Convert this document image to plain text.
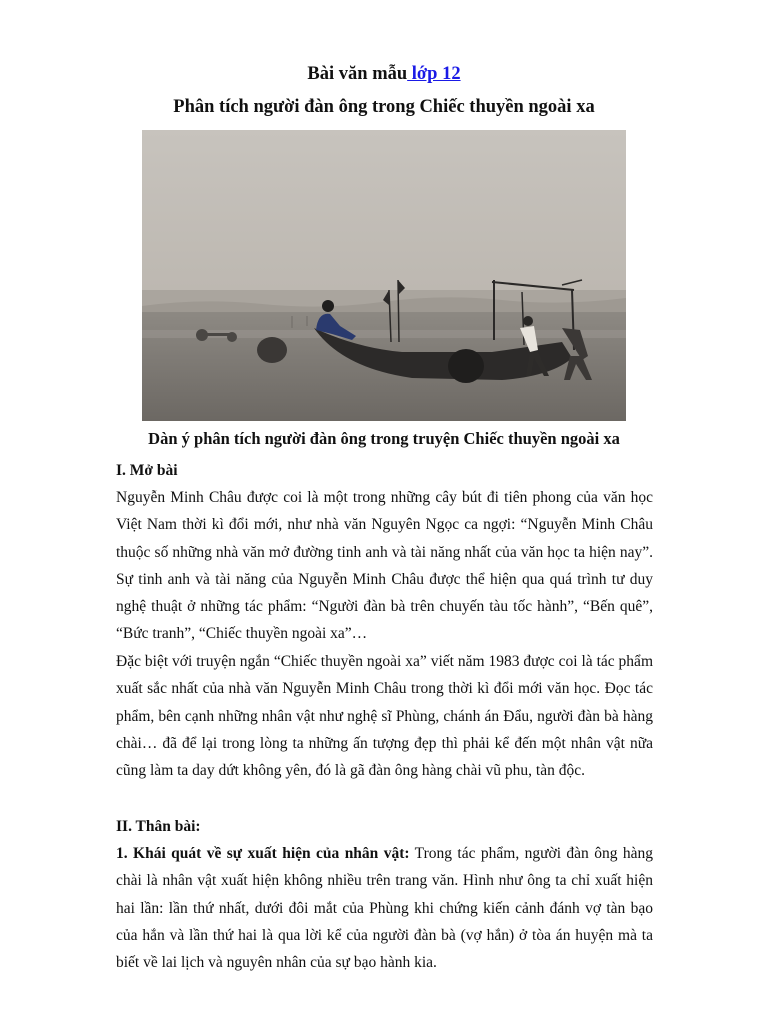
Bài văn mẫu lớp 12
Phân tích người đàn ông trong Chiếc thuyền ngoài xa
Dàn ý phân tích người đàn ông trong truyện Chiếc thuyền ngoài xa
I. Mở bài
Nguyễn Minh Châu được coi là một trong những cây bút đi tiên phong của văn học Việt Nam thời kì đổi mới, như nhà văn Nguyên Ngọc ca ngợi: “Nguyễn Minh Châu thuộc số những nhà văn mở đường tinh anh và tài năng nhất của văn học ta hiện nay”. Sự tinh anh và tài năng của Nguyễn Minh Châu được thể hiện qua quá trình tư duy nghệ thuật ở những tác phẩm: “Người đàn bà trên chuyến tàu tốc hành”, “Bến quê”, “Bức tranh”, “Chiếc thuyền ngoài xa”…
Đặc biệt với truyện ngắn “Chiếc thuyền ngoài xa” viết năm 1983 được coi là tác phẩm xuất sắc nhất của nhà văn Nguyễn Minh Châu trong thời kì đổi mới văn học. Đọc tác phẩm, bên cạnh những nhân vật như nghệ sĩ Phùng, chánh án Đẩu, người đàn bà hàng chài… đã để lại trong lòng ta những ấn tượng đẹp thì phải kể đến một nhân vật nữa cũng làm ta day dứt không yên, đó là gã đàn ông hàng chài vũ phu, tàn độc.
II. Thân bài:
1. Khái quát về sự xuất hiện của nhân vật: Trong tác phẩm, người đàn ông hàng chài là nhân vật xuất hiện không nhiều trên trang văn. Hình như ông ta chỉ xuất hiện hai lần: lần thứ nhất, dưới đôi mắt của Phùng khi chứng kiến cảnh đánh vợ tàn bạo của hắn và lần thứ hai là qua lời kể của người đàn bà (vợ hắn) ở tòa án huyện mà ta biết về lai lịch và nguyên nhân của sự bạo hành kia.
